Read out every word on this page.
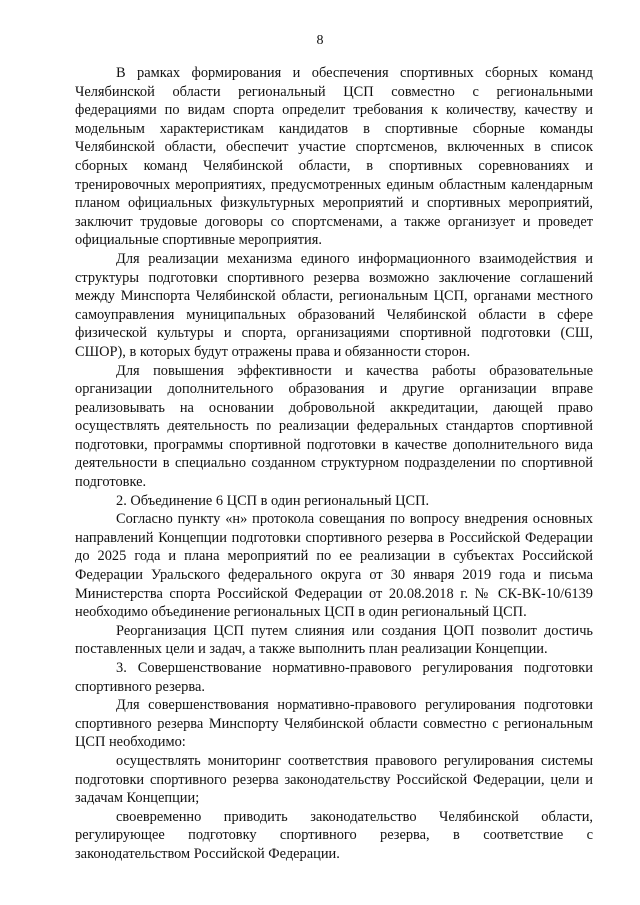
8

В рамках формирования и обеспечения спортивных сборных команд Челябинской области региональный ЦСП совместно с региональными федерациями по видам спорта определит требования к количеству, качеству и модельным характеристикам кандидатов в спортивные сборные команды Челябинской области, обеспечит участие спортсменов, включенных в список сборных команд Челябинской области, в спортивных соревнованиях и тренировочных мероприятиях, предусмотренных единым областным календарным планом официальных физкультурных мероприятий и спортивных мероприятий, заключит трудовые договоры со спортсменами, а также организует и проведет официальные спортивные мероприятия.

Для реализации механизма единого информационного взаимодействия и структуры подготовки спортивного резерва возможно заключение соглашений между Минспорта Челябинской области, региональным ЦСП, органами местного самоуправления муниципальных образований Челябинской области в сфере физической культуры и спорта, организациями спортивной подготовки (СШ, СШОР), в которых будут отражены права и обязанности сторон.

Для повышения эффективности и качества работы образовательные организации дополнительного образования и другие организации вправе реализовывать на основании добровольной аккредитации, дающей право осуществлять деятельность по реализации федеральных стандартов спортивной подготовки, программы спортивной подготовки в качестве дополнительного вида деятельности в специально созданном структурном подразделении по спортивной подготовке.

2. Объединение 6 ЦСП в один региональный ЦСП.

Согласно пункту «н» протокола совещания по вопросу внедрения основных направлений Концепции подготовки спортивного резерва в Российской Федерации до 2025 года и плана мероприятий по ее реализации в субъектах Российской Федерации Уральского федерального округа от 30 января 2019 года и письма Министерства спорта Российской Федерации от 20.08.2018 г. № СК-ВК-10/6139 необходимо объединение региональных ЦСП в один региональный ЦСП.

Реорганизация ЦСП путем слияния или создания ЦОП позволит достичь поставленных цели и задач, а также выполнить план реализации Концепции.

3. Совершенствование нормативно-правового регулирования подготовки спортивного резерва.

Для совершенствования нормативно-правового регулирования подготовки спортивного резерва Минспорту Челябинской области совместно с региональным ЦСП необходимо:

осуществлять мониторинг соответствия правового регулирования системы подготовки спортивного резерва законодательству Российской Федерации, цели и задачам Концепции;

своевременно приводить законодательство Челябинской области, регулирующее подготовку спортивного резерва, в соответствие с законодательством Российской Федерации.
